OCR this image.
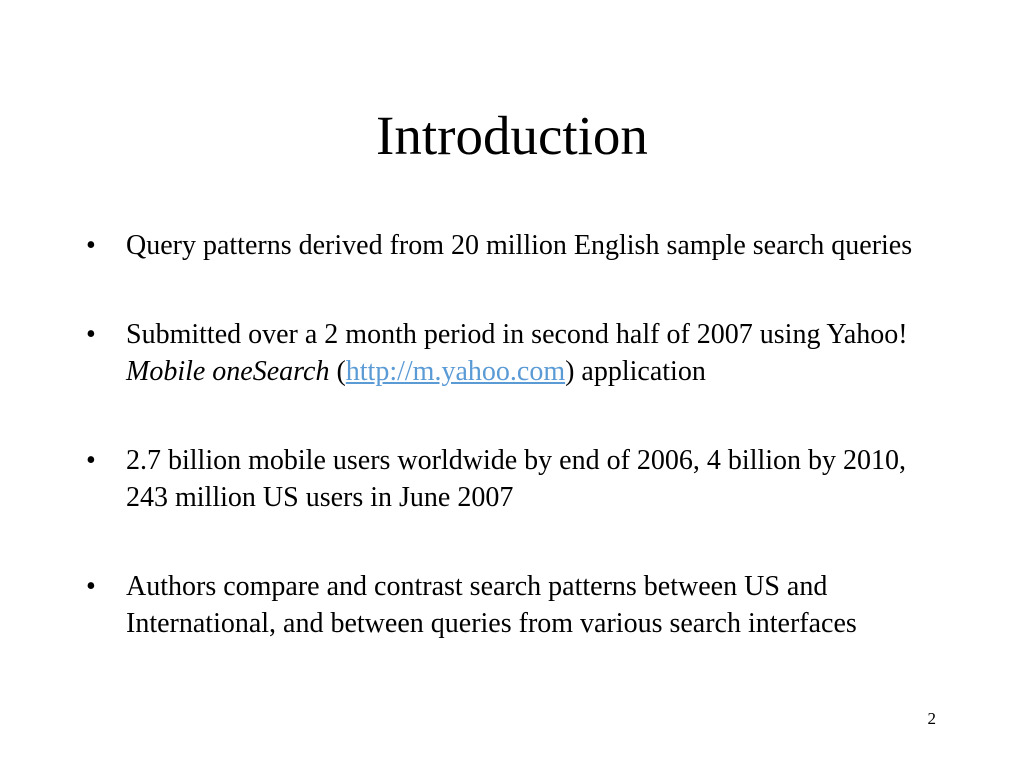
Introduction
•	Query patterns derived from 20 million English sample search queries
•	Submitted over a 2 month period in second half of 2007 using Yahoo! Mobile oneSearch (http://m.yahoo.com) application
•	2.7 billion mobile users worldwide by end of 2006, 4 billion by 2010, 243 million US users in June 2007
•	Authors compare and contrast search patterns between US and International, and between queries from various search interfaces
2
